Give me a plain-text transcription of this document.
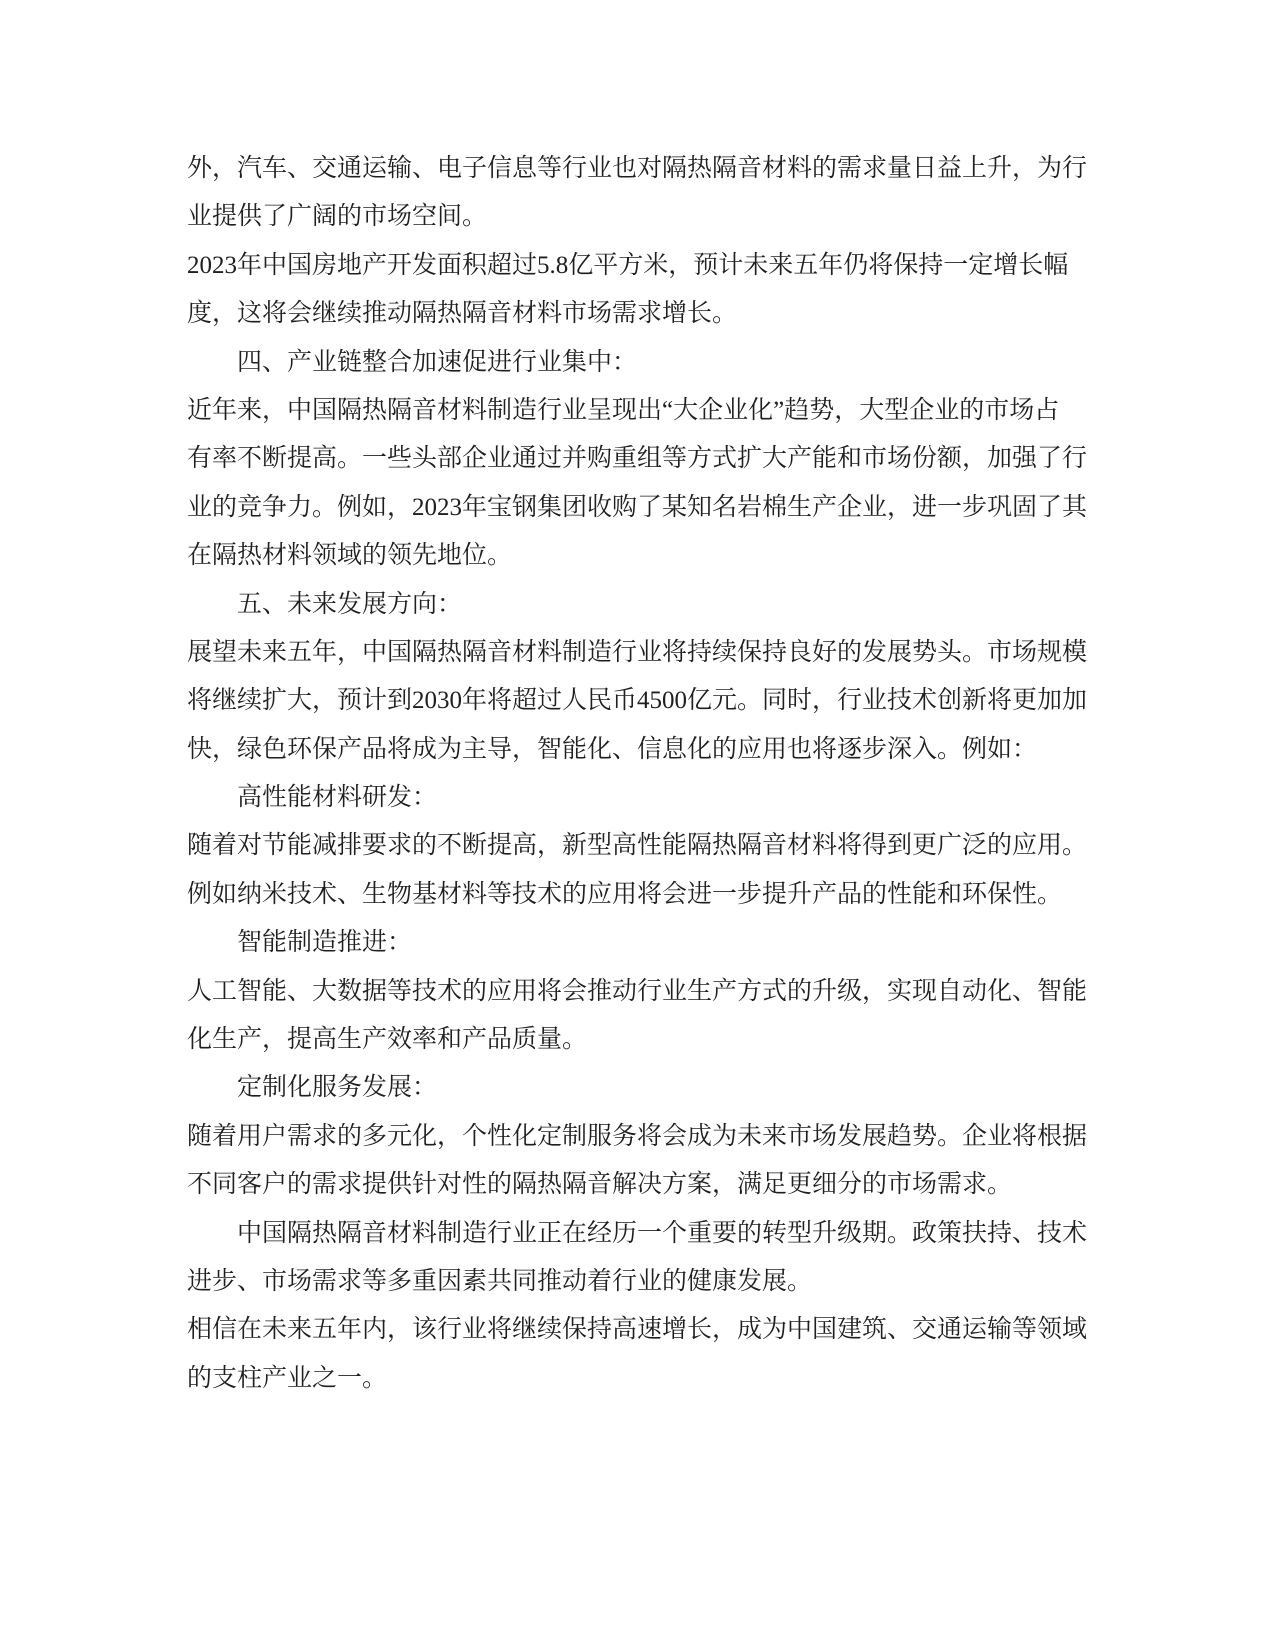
外，汽车、交通运输、电子信息等行业也对隔热隔音材料的需求量日益上升，为行
业提供了广阔的市场空间。
2023年中国房地产开发面积超过5.8亿平方米，预计未来五年仍将保持一定增长幅
度，这将会继续推动隔热隔音材料市场需求增长。
四、产业链整合加速促进行业集中：
近年来，中国隔热隔音材料制造行业呈现出“大企业化”趋势，大型企业的市场占
有率不断提高。一些头部企业通过并购重组等方式扩大产能和市场份额，加强了行
业的竞争力。例如，2023年宝钢集团收购了某知名岩棉生产企业，进一步巩固了其
在隔热材料领域的领先地位。
五、未来发展方向：
展望未来五年，中国隔热隔音材料制造行业将持续保持良好的发展势头。市场规模
将继续扩大，预计到2030年将超过人民币4500亿元。同时，行业技术创新将更加加
快，绿色环保产品将成为主导，智能化、信息化的应用也将逐步深入。例如：
高性能材料研发：
随着对节能减排要求的不断提高，新型高性能隔热隔音材料将得到更广泛的应用。
例如纳米技术、生物基材料等技术的应用将会进一步提升产品的性能和环保性。
智能制造推进：
人工智能、大数据等技术的应用将会推动行业生产方式的升级，实现自动化、智能
化生产，提高生产效率和产品质量。
定制化服务发展：
随着用户需求的多元化，个性化定制服务将会成为未来市场发展趋势。企业将根据
不同客户的需求提供针对性的隔热隔音解决方案，满足更细分的市场需求。
中国隔热隔音材料制造行业正在经历一个重要的转型升级期。政策扶持、技术
进步、市场需求等多重因素共同推动着行业的健康发展。
相信在未来五年内，该行业将继续保持高速增长，成为中国建筑、交通运输等领域
的支柱产业之一。
